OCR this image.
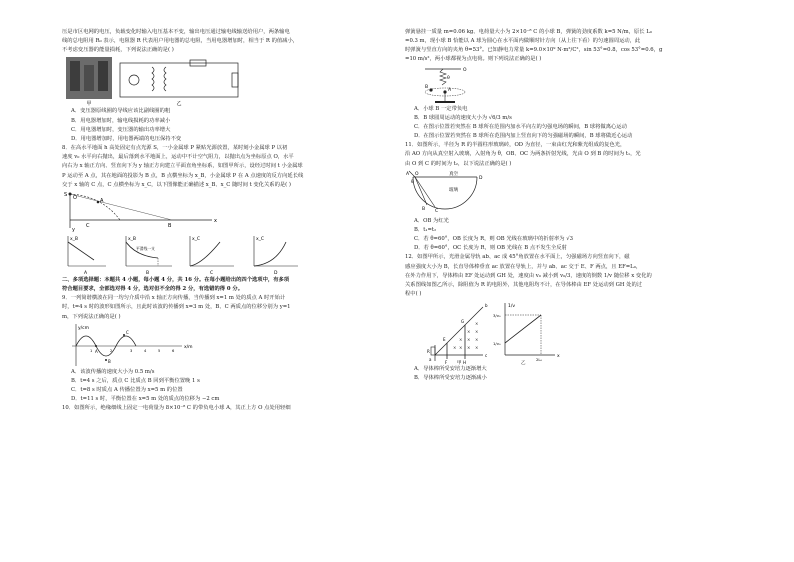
压是市区电网的电压，负载变化时输入电压基本不变，输出电压通过输电线输送给用户，两条输电

线的总电阻用 R₀ 表示，电阻器 R 代表用户用电器的总电阻，当用电器增加时，相当于 R 的值减小，

不考虑变压器的能量损耗，下列说法正确的是( )

甲	乙

A．变压器原线圈的导线应该比副线圈的粗

B．用电器增加时，输电线损耗的功率减小

C．用电器增加时，变压器的输出功率增大

D．用电器增加时，用电器两端的电压保持不变

8．在高水平地面 h 高处固定有点光源 S，一小金属球 P 紧贴光源放置，某时刻小金属球 P 以初

速度 v₀ 水平向右抛出，最后落到水平地面上，运动中不计空气阻力，以抛出点为坐标原点 O，水平

向右为 x 轴正方向、竖直向下为 y 轴正方向建立平面直角坐标系，如图甲所示，设经过时间 t 小金属球

P 运动至 A 点，其在地面的投影为 B 点，B 点横坐标为 x_B，小金属球 P 在 A 点速度的反方向延长线

交于 x 轴的 C 点，C 点横坐标为 x_C，以下图像能正确描述 x_B、x_C 随时间 t 变化关系的是( )

S O	A
B
C
x
y
x_B
A
x_B
平滑线一支
B
x_C
C
x_C
D

二、多项选择题：本题共 4 小题，每小题 4 分，共 16 分。在每小题给出的四个选项中，有多项

符合题目要求，全部选对得 4 分，选对但不全的得 2 分，有选错的得 0 分。

9．一列简谐横波在同一均匀介质中沿 x 轴正方向传播，当传播到 x=1 m 处的质点 A 时开始计

时，t=4 s 时的波形如图所示，且此时该波的传播到 x=3 m 处，B、C 两质点的位移分别为 y=1

m，下列说法正确的是( )

y/cm
x/m
A
B
C
1	2	3	4	5	6

A．该波传播的速度大小为 0.5 m/s

B．t=4 s 之后，质点 C 比质点 B 回到平衡位置晚 1 s

C．t=8 s 时质点 A 传播位置为 x=5 m 的位置

D．t=11 s 时，平衡位置在 x=5 m 处的质点的位移为 −2 cm

10．如图所示，绝缘细线上固定一电荷量为 8×10⁻⁸ C 的带负电小球 A，其正上方 O 点处用轻细

弹簧悬挂一质量 m=0.06 kg、电荷量大小为 2×10⁻⁸ C 的小球 B，弹簧的劲度系数 k=5 N/m，原长 L₀

=0.3 m，现小球 B 恰能以 A 球为圆心在水平面内做顺时针方向（从上往下看）的匀速圆周运动，此

时弹簧与竖直方向的夹角 θ=53°。已知静电力常量 k=9.0×10⁹ N·m²/C²，sin 53°=0.8，cos 53°=0.6，g

=10 m/s²，两小球都视为点电荷。则下列说法正确的是( )

O
B
A
θ

A．小球 B 一定带负电

B．B 球圆周运动的速度大小为 √6/3 m/s

C．在图示位置若突然在 B 球所在范围内加水平向左的匀强电场的瞬间，B 球将做离心运动

D．在图示位置若突然在 B 球所在范围内加上竖直向下的匀强磁场的瞬间，B 球将做近心运动

11．如图所示，半径为 R 的半圆柱形玻璃砖，OD 为直径，一束由红光和紫光组成的复色光，

沿 AO 方向从真空射入玻璃，入射角为 θ，OB、OC 为两条折射光线，光由 O 到 B 的时间为 t₁，光

由 O 到 C 的时间为 t₂，以下说法正确的是( )

A O
D
B C
真空
玻璃
θ

A．OB 为红光

B．t₁=t₂

C．若 θ=60°，OB 长度为 R，则 OB 光线在玻璃中的折射率为 √3

D．若 θ=60°，OC 长度为 R，则 OB 光线在 B 点不发生全反射

12．如图甲所示，光滑金属导轨 ab、ac 成 45°角放置在水平面上，匀强磁场方向竖直向下，磁

感应强度大小为 B，长直导体棒垂直 ac 放置在导轨上，并与 ab、ac 交于 E、F 两点，且 EF=L₀，

在外力作用下，导体棒由 EF 处运动到 GH 处，速度由 v₀ 减小到 v₀/3，速度的倒数 1/v 随位移 x 变化的

关系图线如图乙所示，除阻值为 R 的电阻外，其他电阻均不计，在导体棒由 EF 处运动到 GH 处的过

程中( )

× × × ×
× × ×
× ×
×
R
a
b
c
E
F
G
H
甲
1/v
x
3/v₀
1/v₀
2L₀
乙

A．导体棒所受安培力逐渐增大

B．导体棒所受安培力逐渐减小
